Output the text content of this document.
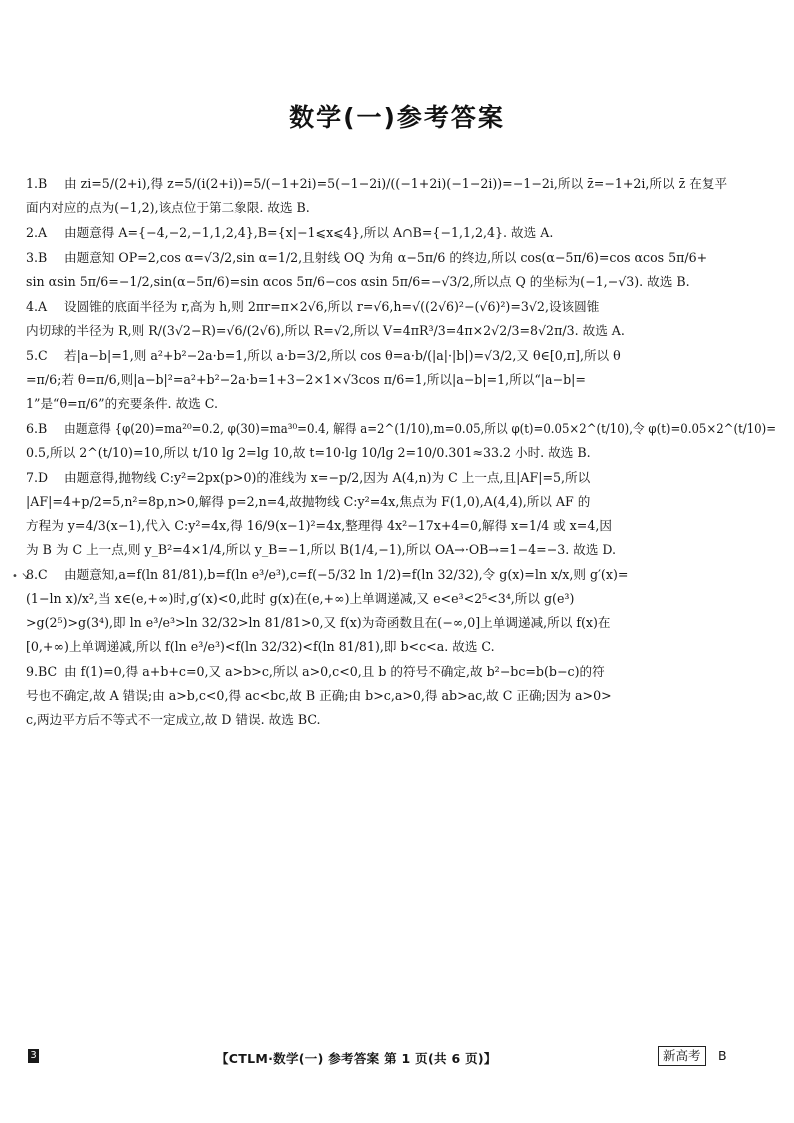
数学(一)参考答案
1.B	由 zi=5/(2+i),得 z=5/(i(2+i))=5/(−1+2i)=5(−1−2i)/((−1+2i)(−1−2i))=−1−2i,所以 z̄=−1+2i,所以 z̄ 在复平
面内对应的点为(−1,2),该点位于第二象限. 故选 B.
2.A	由题意得 A={−4,−2,−1,1,2,4},B={x|−1⩽x⩽4},所以 A∩B={−1,1,2,4}. 故选 A.
3.B	由题意知 OP=2,cos α=√3/2,sin α=1/2,且射线 OQ 为角 α−5π/6 的终边,所以 cos(α−5π/6)=cos αcos 5π/6+
sin αsin 5π/6=−1/2,sin(α−5π/6)=sin αcos 5π/6−cos αsin 5π/6=−√3/2,所以点 Q 的坐标为(−1,−√3). 故选 B.
4.A	设圆锥的底面半径为 r,高为 h,则 2πr=π×2√6,所以 r=√6,h=√((2√6)²−(√6)²)=3√2,设该圆锥
内切球的半径为 R,则 R/(3√2−R)=√6/(2√6),所以 R=√2,所以 V=4πR³/3=4π×2√2/3=8√2π/3. 故选 A.
5.C	若|a−b|=1,则 a²+b²−2a·b=1,所以 a·b=3/2,所以 cos θ=a·b/(|a|·|b|)=√3/2,又 θ∈[0,π],所以 θ
=π/6;若 θ=π/6,则|a−b|²=a²+b²−2a·b=1+3−2×1×√3cos π/6=1,所以|a−b|=1,所以“|a−b|=
1”是“θ=π/6”的充要条件. 故选 C.
6.B	由题意得 {φ(20)=ma²⁰=0.2, φ(30)=ma³⁰=0.4, 解得 a=2^(1/10),m=0.05,所以 φ(t)=0.05×2^(t/10),令 φ(t)=0.05×2^(t/10)=
0.5,所以 2^(t/10)=10,所以 t/10 lg 2=lg 10,故 t=10·lg 10/lg 2=10/0.301≈33.2 小时. 故选 B.
7.D	由题意得,抛物线 C:y²=2px(p>0)的准线为 x=−p/2,因为 A(4,n)为 C 上一点,且|AF|=5,所以
|AF|=4+p/2=5,n²=8p,n>0,解得 p=2,n=4,故抛物线 C:y²=4x,焦点为 F(1,0),A(4,4),所以 AF 的
方程为 y=4/3(x−1),代入 C:y²=4x,得 16/9(x−1)²=4x,整理得 4x²−17x+4=0,解得 x=1/4 或 x=4,因
为 B 为 C 上一点,则 y_B²=4×1/4,所以 y_B=−1,所以 B(1/4,−1),所以 OA→·OB→=1−4=−3. 故选 D.
• ↘
8.C	由题意知,a=f(ln 81/81),b=f(ln e³/e³),c=f(−5/32 ln 1/2)=f(ln 32/32),令 g(x)=ln x/x,则 g′(x)=
(1−ln x)/x²,当 x∈(e,+∞)时,g′(x)<0,此时 g(x)在(e,+∞)上单调递减,又 e<e³<2⁵<3⁴,所以 g(e³)
>g(2⁵)>g(3⁴),即 ln e³/e³>ln 32/32>ln 81/81>0,又 f(x)为奇函数且在(−∞,0]上单调递减,所以 f(x)在
[0,+∞)上单调递减,所以 f(ln e³/e³)<f(ln 32/32)<f(ln 81/81),即 b<c<a. 故选 C.
9.BC 由 f(1)=0,得 a+b+c=0,又 a>b>c,所以 a>0,c<0,且 b 的符号不确定,故 b²−bc=b(b−c)的符
号也不确定,故 A 错误;由 a>b,c<0,得 ac<bc,故 B 正确;由 b>c,a>0,得 ab>ac,故 C 正确;因为 a>0>
c,两边平方后不等式不一定成立,故 D 错误. 故选 BC.
3	【CTLM·数学(一) 参考答案 第 1 页(共 6 页)】	新高考	B
